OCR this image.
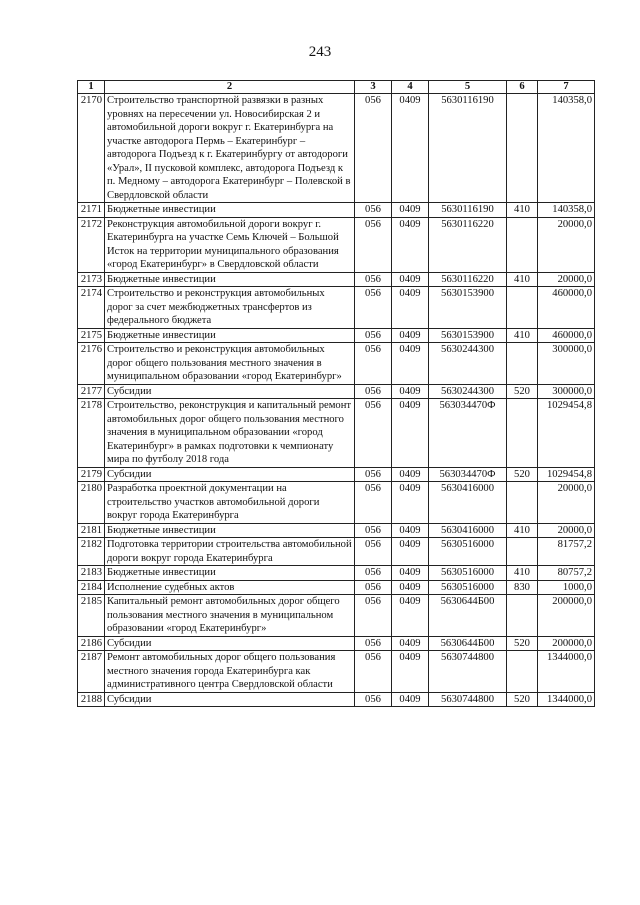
243
1	2	3	4	5	6	7
2170	Строительство транспортной развязки в разных уровнях на пересечении ул. Новосибирская 2 и автомобильной дороги вокруг г. Екатеринбурга на участке автодорога Пермь – Екатеринбург – автодорога Подъезд к г. Екатеринбургу от автодороги «Урал», II пусковой комплекс, автодорога Подъезд к п. Медному – автодорога Екатеринбург – Полевской в Свердловской области	056	0409	5630116190		140358,0
2171	Бюджетные инвестиции	056	0409	5630116190	410	140358,0
2172	Реконструкция автомобильной дороги вокруг г. Екатеринбурга на участке Семь Ключей – Большой Исток на территории муниципального образования «город Екатеринбург» в Свердловской области	056	0409	5630116220		20000,0
2173	Бюджетные инвестиции	056	0409	5630116220	410	20000,0
2174	Строительство и реконструкция автомобильных дорог за счет межбюджетных трансфертов из федерального бюджета	056	0409	5630153900		460000,0
2175	Бюджетные инвестиции	056	0409	5630153900	410	460000,0
2176	Строительство и реконструкция автомобильных дорог общего пользования местного значения в муниципальном образовании «город Екатеринбург»	056	0409	5630244300		300000,0
2177	Субсидии	056	0409	5630244300	520	300000,0
2178	Строительство, реконструкция и капитальный ремонт автомобильных дорог общего пользования местного значения в муниципальном образовании «город Екатеринбург» в рамках подготовки к чемпионату мира по футболу 2018 года	056	0409	563034470Ф		1029454,8
2179	Субсидии	056	0409	563034470Ф	520	1029454,8
2180	Разработка проектной документации на строительство участков автомобильной дороги вокруг города Екатеринбурга	056	0409	5630416000		20000,0
2181	Бюджетные инвестиции	056	0409	5630416000	410	20000,0
2182	Подготовка территории строительства автомобильной дороги вокруг города Екатеринбурга	056	0409	5630516000		81757,2
2183	Бюджетные инвестиции	056	0409	5630516000	410	80757,2
2184	Исполнение судебных актов	056	0409	5630516000	830	1000,0
2185	Капитальный ремонт автомобильных дорог общего пользования местного значения в муниципальном образовании «город Екатеринбург»	056	0409	5630644Б00		200000,0
2186	Субсидии	056	0409	5630644Б00	520	200000,0
2187	Ремонт автомобильных дорог общего пользования местного значения города Екатеринбурга как административного центра Свердловской области	056	0409	5630744800		1344000,0
2188	Субсидии	056	0409	5630744800	520	1344000,0
